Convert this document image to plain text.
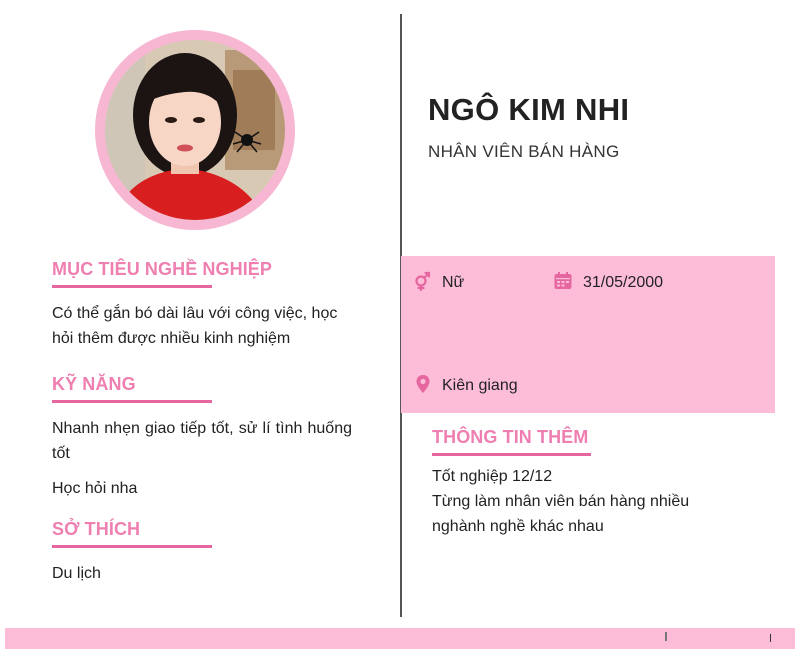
MỤC TIÊU NGHỀ NGHIỆP
Có thể gắn bó dài lâu với công việc, học hỏi thêm được nhiều kinh nghiệm
KỸ NĂNG
Nhanh nhẹn giao tiếp tốt, sử lí tình huống tốt
Học hỏi nha
SỞ THÍCH
Du lịch
NGÔ KIM NHI
NHÂN VIÊN BÁN HÀNG
Nữ	31/05/2000
Kiên giang
THÔNG TIN THÊM
Tốt nghiệp 12/12
Từng làm nhân viên bán hàng nhiều nghành nghề khác nhau
